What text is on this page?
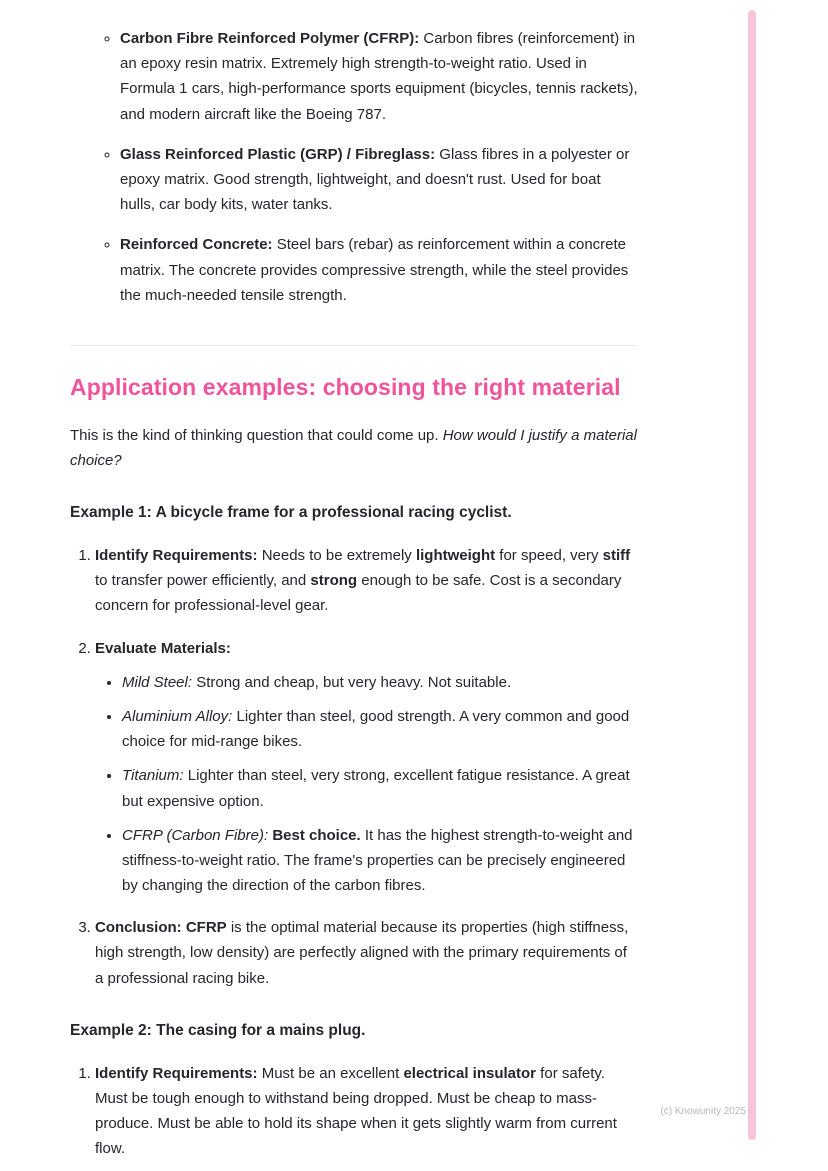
◦ Carbon Fibre Reinforced Polymer (CFRP): Carbon fibres (reinforcement) in an epoxy resin matrix. Extremely high strength-to-weight ratio. Used in Formula 1 cars, high-performance sports equipment (bicycles, tennis rackets), and modern aircraft like the Boeing 787.
◦ Glass Reinforced Plastic (GRP) / Fibreglass: Glass fibres in a polyester or epoxy matrix. Good strength, lightweight, and doesn't rust. Used for boat hulls, car body kits, water tanks.
◦ Reinforced Concrete: Steel bars (rebar) as reinforcement within a concrete matrix. The concrete provides compressive strength, while the steel provides the much-needed tensile strength.
Application examples: choosing the right material

This is the kind of thinking question that could come up. How would I justify a material choice?

Example 1: A bicycle frame for a professional racing cyclist.

1. Identify Requirements: Needs to be extremely lightweight for speed, very stiff to transfer power efficiently, and strong enough to be safe. Cost is a secondary concern for professional-level gear.
2. Evaluate Materials:
• Mild Steel: Strong and cheap, but very heavy. Not suitable.
• Aluminium Alloy: Lighter than steel, good strength. A very common and good choice for mid-range bikes.
• Titanium: Lighter than steel, very strong, excellent fatigue resistance. A great but expensive option.
• CFRP (Carbon Fibre): Best choice. It has the highest strength-to-weight and stiffness-to-weight ratio. The frame's properties can be precisely engineered by changing the direction of the carbon fibres.
3. Conclusion: CFRP is the optimal material because its properties (high stiffness, high strength, low density) are perfectly aligned with the primary requirements of a professional racing bike.

Example 2: The casing for a mains plug.

1. Identify Requirements: Must be an excellent electrical insulator for safety. Must be tough enough to withstand being dropped. Must be cheap to mass-produce. Must be able to hold its shape when it gets slightly warm from current flow.
(c) Knowunity 2025
